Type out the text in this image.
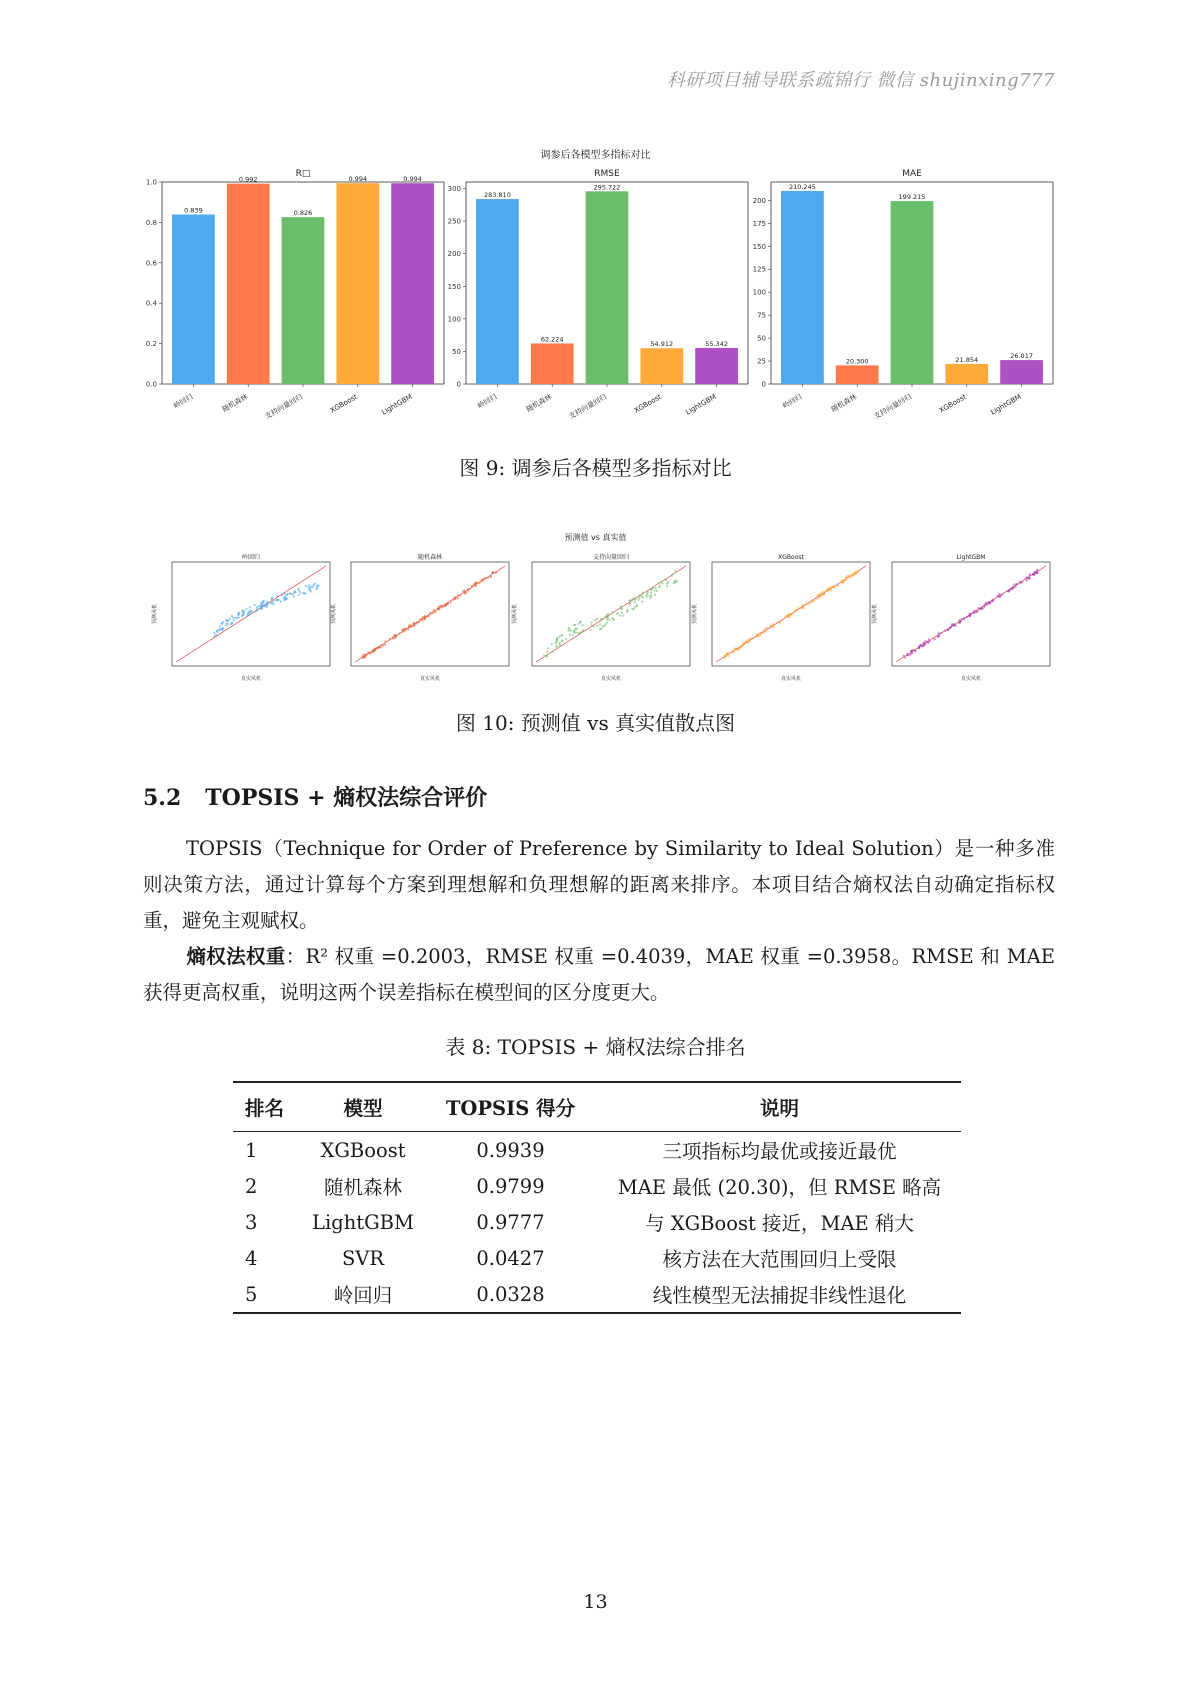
科研项目辅导联系疏锦行 微信 shujinxing777
调参后各模型多指标对比
R□
0.0
0.2
0.4
0.6
0.8
1.0
0.839
岭回归
0.992
随机森林
0.826
支持向量回归
0.994
XGBoost
0.994
LightGBM
RMSE
0
50
100
150
200
250
300
283.810
岭回归
62.224
随机森林
295.722
支持向量回归
54.912
XGBoost
55.342
LightGBM
MAE
0
25
50
75
100
125
150
175
200
210.245
岭回归
20.300
随机森林
199.215
支持向量回归
21.854
XGBoost
26.017
LightGBM
图 9: 调参后各模型多指标对比
预测值 vs 真实值
岭回归
真实风机
预测风机
随机森林
真实风机
预测风机
支持向量回归
真实风机
预测风机
XGBoost
真实风机
预测风机
LightGBM
真实风机
预测风机
图 10: 预测值 vs 真实值散点图
5.2 TOPSIS + 熵权法综合评价
TOPSIS（Technique for Order of Preference by Similarity to Ideal Solution）是一种多准则决策方法，通过计算每个方案到理想解和负理想解的距离来排序。本项目结合熵权法自动确定指标权重，避免主观赋权。
熵权法权重：R² 权重 =0.2003，RMSE 权重 =0.4039，MAE 权重 =0.3958。RMSE 和 MAE 获得更高权重，说明这两个误差指标在模型间的区分度更大。
表 8: TOPSIS + 熵权法综合排名
排名	模型	TOPSIS 得分	说明
1	XGBoost	0.9939	三项指标均最优或接近最优
2	随机森林	0.9799	MAE 最低 (20.30)，但 RMSE 略高
3	LightGBM	0.9777	与 XGBoost 接近，MAE 稍大
4	SVR	0.0427	核方法在大范围回归上受限
5	岭回归	0.0328	线性模型无法捕捉非线性退化
13
